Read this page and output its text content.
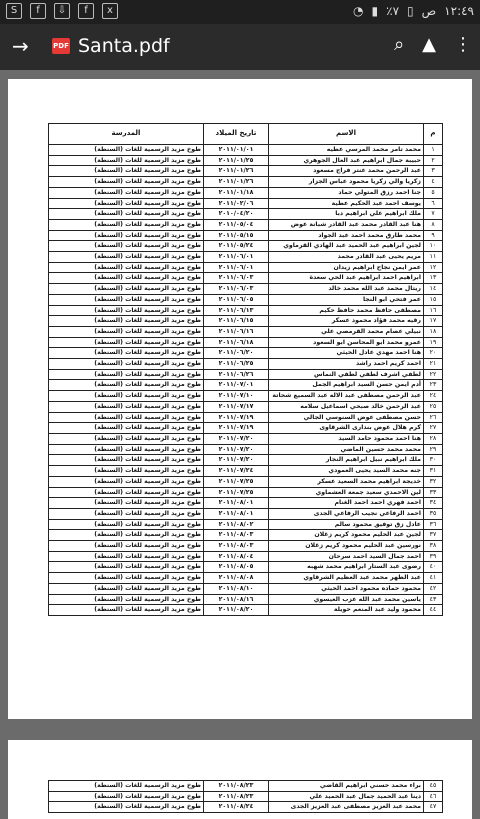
S	f	⇩	f	x	◔ ▮ ٪٧ ▯ ص ١٢:٤٩
→	PDF Santa.pdf	⌕ ▲ ⋮
م	الاسم	تاريخ الميلاد	المدرسة
١	محمد تامر محمد المرسي عطيه	٢٠١١/٠١/٠١	طوخ مزيد الرسمية للغات (السنطة)
٢	حبيبة جمال ابراهيم عبد العال الجوهري	٢٠١١/٠١/٢٥	طوخ مزيد الرسمية للغات (السنطة)
٣	عبد الرحمن محمد عنتر فراج مسعود	٢٠١١/٠١/٢٦	طوخ مزيد الرسمية للغات (السنطة)
٤	زكريا والي زكريا محمود عباس الجزار	٢٠١١/٠١/٢٦	طوخ مزيد الرسمية للغات (السنطة)
٥	جنا احمد رزق المتولي حماد	٢٠١١/٠١/١٨	طوخ مزيد الرسمية للغات (السنطة)
٦	يوسف احمد عبد الحكيم عطية	٢٠١١/٠٢/٠٦	طوخ مزيد الرسمية للغات (السنطة)
٧	ملك ابراهيم علي ابراهيم دبا	٢٠١٠/٠٤/٢٠	طوخ مزيد الرسمية للغات (السنطة)
٨	هنا عبد القادر محمد عبد القادر شبانة عوض	٢٠١١/٠٥/٠٤	طوخ مزيد الرسمية للغات (السنطة)
٩	محمد طارق محمد احمد عبد الجواد	٢٠١١/٠٥/١٥	طوخ مزيد الرسمية للغات (السنطة)
١٠	لجين ابراهيم عبد الحميد عبد الهادي القرماوي	٢٠١١/٠٥/٢٤	طوخ مزيد الرسمية للغات (السنطة)
١١	مريم يحيى عبد القادر محمد	٢٠١١/٠٦/٠١	طوخ مزيد الرسمية للغات (السنطة)
١٢	عمر ايمن نجاح ابراهيم زيدان	٢٠١١/٠٦/٠١	طوخ مزيد الرسمية للغات (السنطة)
١٣	ابراهيم احمد ابراهيم عبد الحي سعدة	٢٠١١/٠٦/٠٣	طوخ مزيد الرسمية للغات (السنطة)
١٤	ريتال محمد عبد الله محمد خالد	٢٠١١/٠٦/٠٣	طوخ مزيد الرسمية للغات (السنطة)
١٥	عمر فتحي ابو النجا	٢٠١١/٠٦/٠٥	طوخ مزيد الرسمية للغات (السنطة)
١٦	مصطفى حافظ محمد حافظ حكيم	٢٠١١/٠٦/١٣	طوخ مزيد الرسمية للغات (السنطة)
١٧	رقيه محمد فؤاد محمود عسكر	٢٠١١/٠٦/١٥	طوخ مزيد الرسمية للغات (السنطة)
١٨	نبيلي عصام محمد القرمصي علي	٢٠١١/٠٦/١٦	طوخ مزيد الرسمية للغات (السنطة)
١٩	عمرو محمد ابو المحاسن ابو السعود	٢٠١١/٠٦/١٨	طوخ مزيد الرسمية للغات (السنطة)
٢٠	هنا احمد مهدي عادل الحيثي	٢٠١١/٠٦/٢٠	طوخ مزيد الرسمية للغات (السنطة)
٢١	احمد كريم احمد راشد	٢٠١١/٠٦/٢٥	طوخ مزيد الرسمية للغات (السنطة)
٢٢	لطفي اشرف لطفي لطفي النماس	٢٠١١/٠٦/٢٦	طوخ مزيد الرسمية للغات (السنطة)
٢٣	أدم ايمن حسن السيد ابراهيم الجمل	٢٠١١/٠٧/٠١	طوخ مزيد الرسمية للغات (السنطة)
٢٤	عبد الرحمن مصطفى عبد الاله عبد السميع شحاتة	٢٠١١/٠٧/١٠	طوخ مزيد الرسمية للغات (السنطة)
٢٥	عبد الرحمن خالد صبحي اسماعيل سلامه	٢٠١١/٠٧/١٧	طوخ مزيد الرسمية للغات (السنطة)
٢٦	حسن مصطفى عوض السنوسي الجالي	٢٠١١/٠٧/١٩	طوخ مزيد الرسمية للغات (السنطة)
٢٧	كرم هلال عوض بندارى الشرقاوى	٢٠١١/٠٧/١٩	طوخ مزيد الرسمية للغات (السنطة)
٢٨	هنا احمد محمود حامد السيد	٢٠١١/٠٧/٢٠	طوخ مزيد الرسمية للغات (السنطة)
٢٩	محمد محمد حسين الماضي	٢٠١١/٠٧/٢٠	طوخ مزيد الرسمية للغات (السنطة)
٣٠	ملك ابراهيم نبيل ابراهيم النجار	٢٠١١/٠٧/٢٠	طوخ مزيد الرسمية للغات (السنطة)
٣١	جنه محمد السيد يحيى العمودي	٢٠١١/٠٧/٢٤	طوخ مزيد الرسمية للغات (السنطة)
٣٢	خديجة ابراهيم محمد السعيد عسكر	٢٠١١/٠٧/٢٥	طوخ مزيد الرسمية للغات (السنطة)
٣٣	لين الاحمدي سعيد جمعة العشماوي	٢٠١١/٠٧/٢٥	طوخ مزيد الرسمية للغات (السنطة)
٣٤	احمد فهري احمد احمد الغنام	٢٠١١/٠٨/٠١	طوخ مزيد الرسمية للغات (السنطة)
٣٥	احمد الرفاعي نجيب الرفاعي الجدى	٢٠١١/٠٨/٠١	طوخ مزيد الرسمية للغات (السنطة)
٣٦	عادل زق توفيق محمود سالم	٢٠١١/٠٨/٠٢	طوخ مزيد الرسمية للغات (السنطة)
٣٧	لجين عبد الحليم محمود كريم زغلان	٢٠١١/٠٨/٠٣	طوخ مزيد الرسمية للغات (السنطة)
٣٨	نورسين عبد الحليم محمود كريم زغلان	٢٠١١/٠٨/٠٣	طوخ مزيد الرسمية للغات (السنطة)
٣٩	احمد جمال السيد احمد سرحان	٢٠١١/٠٨/٠٤	طوخ مزيد الرسمية للغات (السنطة)
٤٠	رضوى عبد الستار ابراهيم محمد شهبه	٢٠١١/٠٨/٠٥	طوخ مزيد الرسمية للغات (السنطة)
٤١	عبد الظهر محمد عبد العظيم الشرقاوي	٢٠١١/٠٨/٠٨	طوخ مزيد الرسمية للغات (السنطة)
٤٢	محمود حماده محمود احمد الحيثي	٢٠١١/٠٨/١٠	طوخ مزيد الرسمية للغات (السنطة)
٤٣	ياسين محمد عبد الله عزب العيسوي	٢٠١١/٠٨/١٦	طوخ مزيد الرسمية للغات (السنطة)
٤٤	محمود وليد عبد المنعم حويلة	٢٠١١/٠٨/٢٠	طوخ مزيد الرسمية للغات (السنطة)
٤٥	براء محمد حسني ابراهيم القاضي	٢٠١١/٠٨/٢٣	طوخ مزيد الرسمية للغات (السنطة)
٤٦	دينا عبد الحميد جمال عبد الحميد علي	٢٠١١/٠٨/٢٣	طوخ مزيد الرسمية للغات (السنطة)
٤٧	محمد عبد العزيز مصطفى عبد العزيز الجدى	٢٠١١/٠٨/٢٤	طوخ مزيد الرسمية للغات (السنطة)
